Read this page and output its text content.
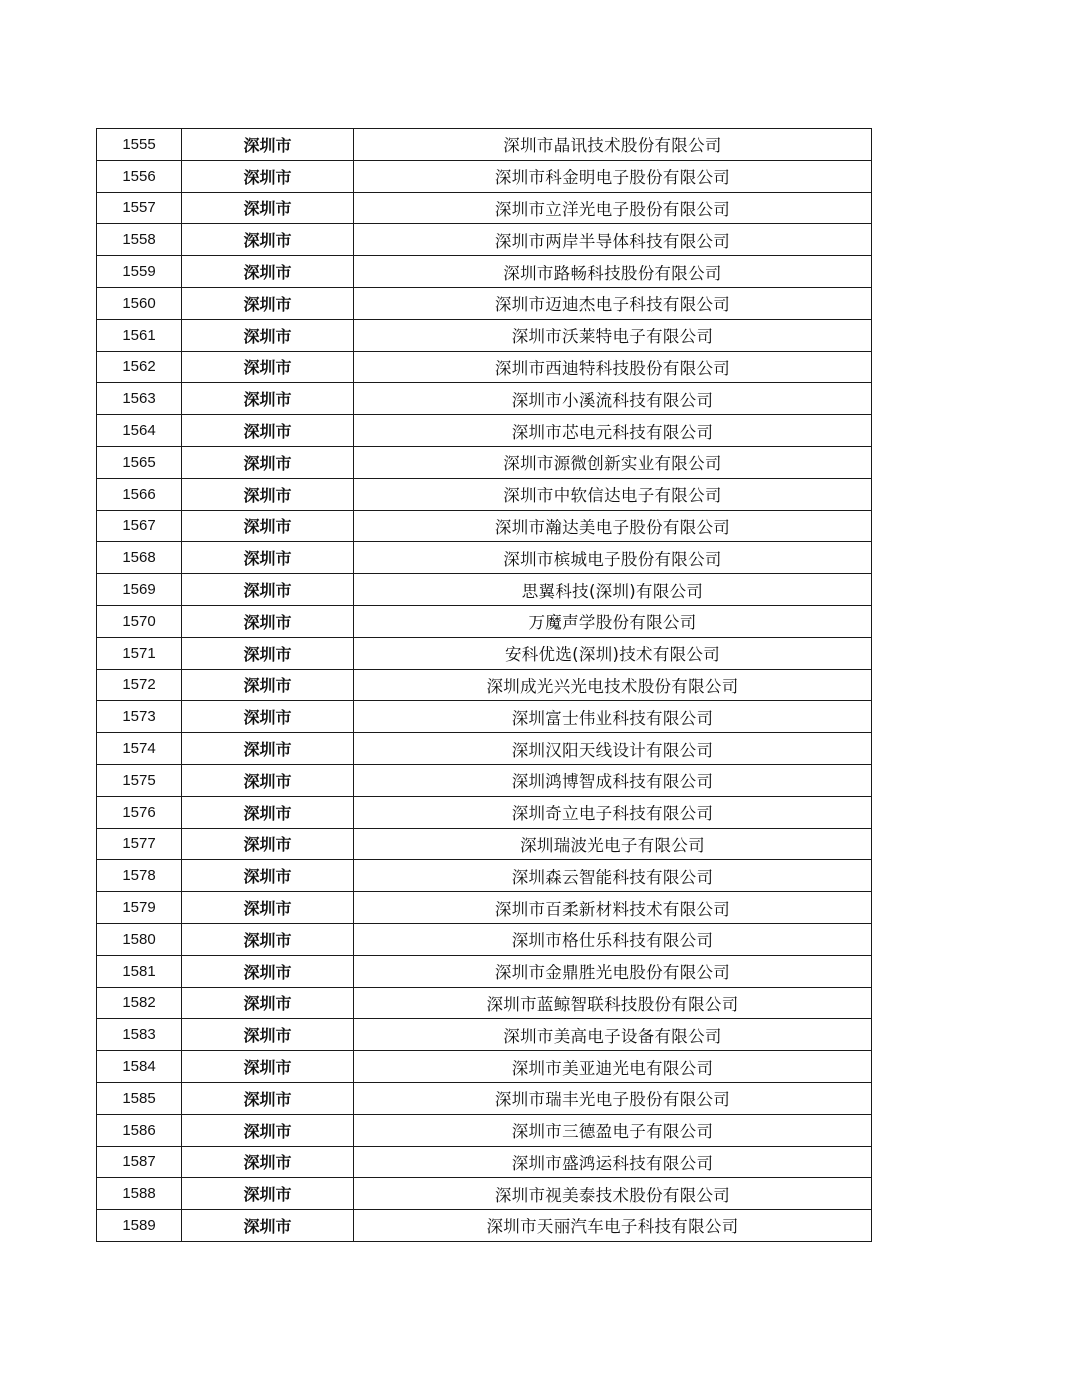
1555	深圳市	深圳市晶讯技术股份有限公司
1556	深圳市	深圳市科金明电子股份有限公司
1557	深圳市	深圳市立洋光电子股份有限公司
1558	深圳市	深圳市两岸半导体科技有限公司
1559	深圳市	深圳市路畅科技股份有限公司
1560	深圳市	深圳市迈迪杰电子科技有限公司
1561	深圳市	深圳市沃莱特电子有限公司
1562	深圳市	深圳市西迪特科技股份有限公司
1563	深圳市	深圳市小溪流科技有限公司
1564	深圳市	深圳市芯电元科技有限公司
1565	深圳市	深圳市源微创新实业有限公司
1566	深圳市	深圳市中软信达电子有限公司
1567	深圳市	深圳市瀚达美电子股份有限公司
1568	深圳市	深圳市槟城电子股份有限公司
1569	深圳市	思翼科技(深圳)有限公司
1570	深圳市	万魔声学股份有限公司
1571	深圳市	安科优选(深圳)技术有限公司
1572	深圳市	深圳成光兴光电技术股份有限公司
1573	深圳市	深圳富士伟业科技有限公司
1574	深圳市	深圳汉阳天线设计有限公司
1575	深圳市	深圳鸿博智成科技有限公司
1576	深圳市	深圳奇立电子科技有限公司
1577	深圳市	深圳瑞波光电子有限公司
1578	深圳市	深圳森云智能科技有限公司
1579	深圳市	深圳市百柔新材料技术有限公司
1580	深圳市	深圳市格仕乐科技有限公司
1581	深圳市	深圳市金鼎胜光电股份有限公司
1582	深圳市	深圳市蓝鲸智联科技股份有限公司
1583	深圳市	深圳市美高电子设备有限公司
1584	深圳市	深圳市美亚迪光电有限公司
1585	深圳市	深圳市瑞丰光电子股份有限公司
1586	深圳市	深圳市三德盈电子有限公司
1587	深圳市	深圳市盛鸿运科技有限公司
1588	深圳市	深圳市视美泰技术股份有限公司
1589	深圳市	深圳市天丽汽车电子科技有限公司
